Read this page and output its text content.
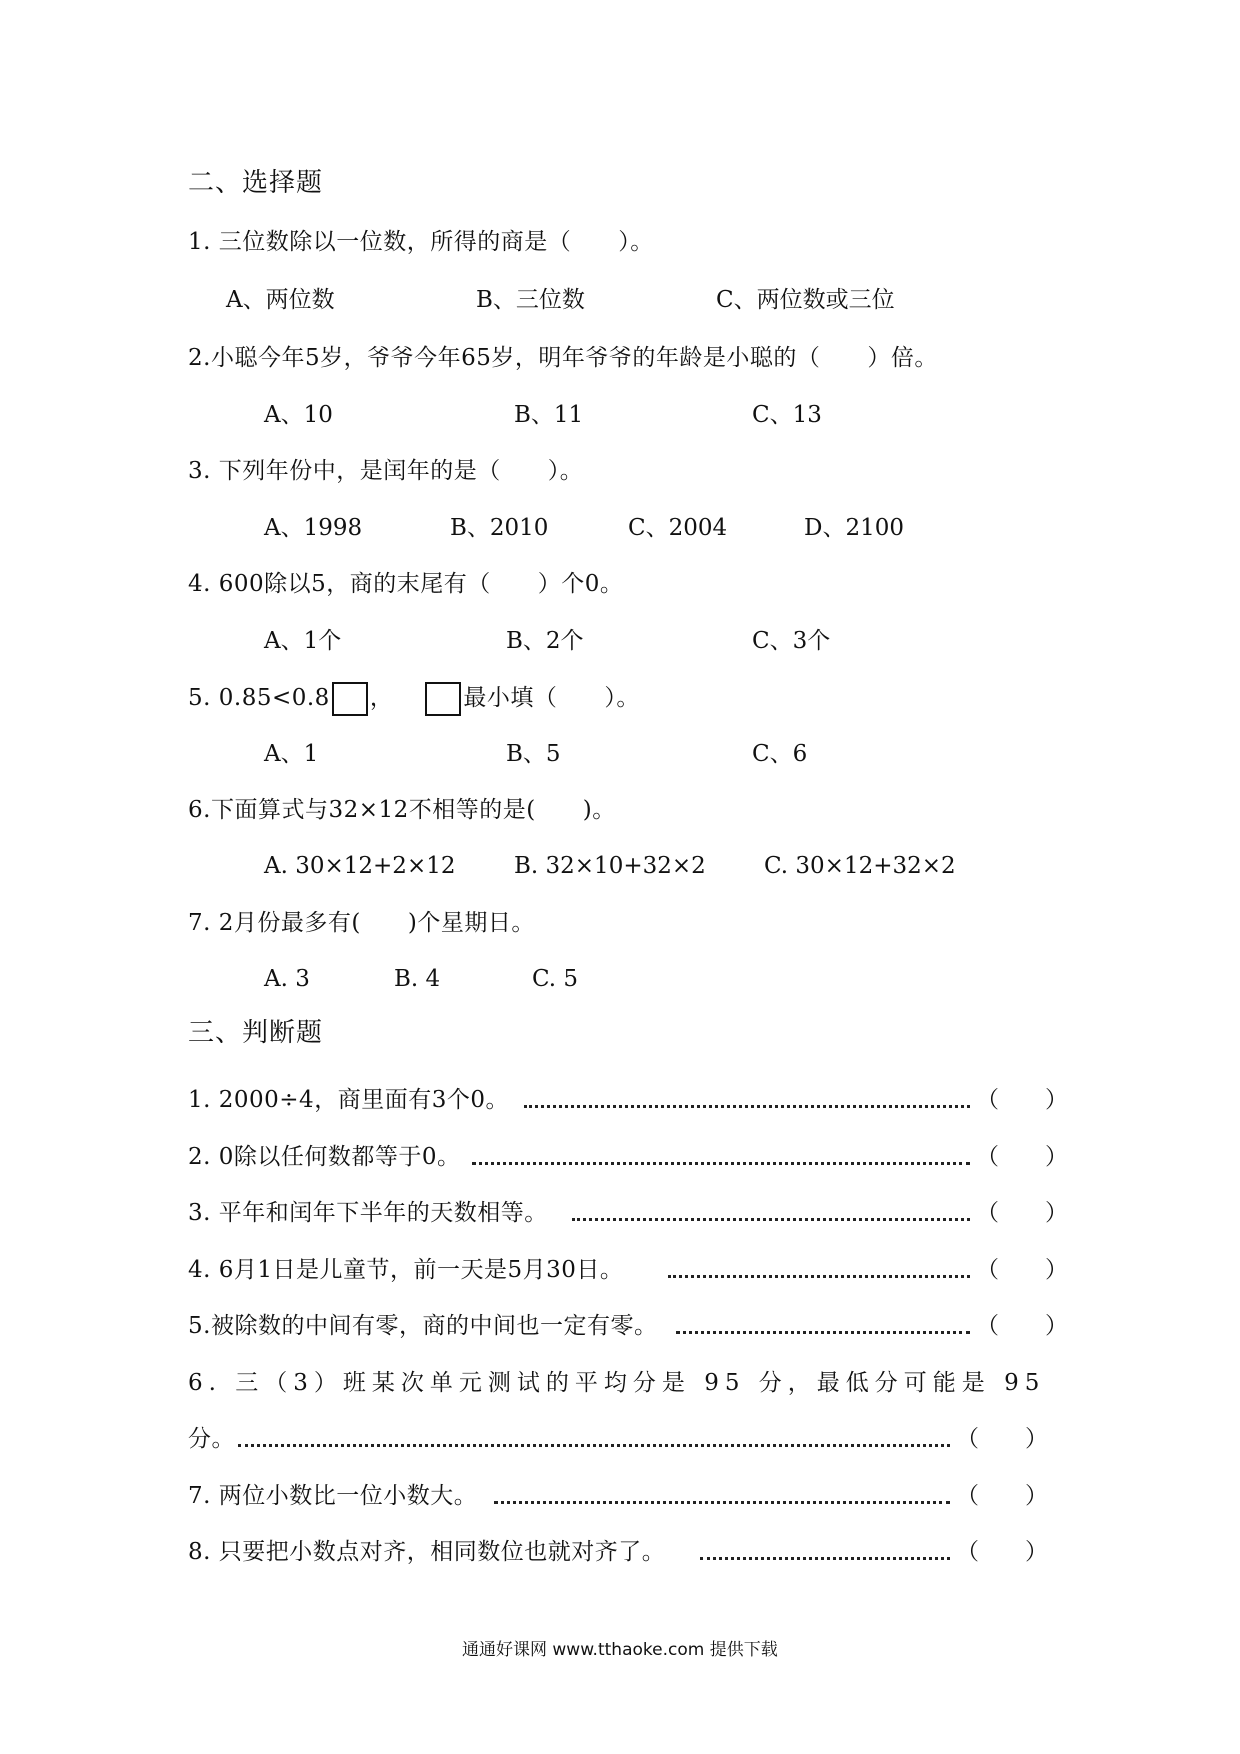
二、选择题
1. 三位数除以一位数，所得的商是（　　）。
A、两位数	B、三位数	C、两位数或三位
2.小聪今年5岁，爷爷今年65岁，明年爷爷的年龄是小聪的（　　）倍。
A、10	B、11	C、13
3. 下列年份中，是闰年的是（　　）。
A、1998	B、2010	C、2004	D、2100
4. 600除以5，商的末尾有（　　）个0。
A、1个	B、2个	C、3个
5. 0.85<0.8 ，	最小填（　　）。
A、1	B、5	C、6
6.下面算式与32×12不相等的是(　　)。
A. 30×12+2×12	B. 32×10+32×2	C. 30×12+32×2
7. 2月份最多有(　　)个星期日。
A. 3	B. 4	C. 5
三、判断题
1. 2000÷4，商里面有3个0。	（　　）
2. 0除以任何数都等于0。	（　　）
3. 平年和闰年下半年的天数相等。	（　　）
4. 6月1日是儿童节，前一天是5月30日。	（　　）
5.被除数的中间有零，商的中间也一定有零。	（　　）
6. 三（3）班某次单元测试的平均分是 95 分，最低分可能是 95
分。	（　　）
7. 两位小数比一位小数大。	（　　）
8. 只要把小数点对齐，相同数位也就对齐了。	（　　）
通通好课网 www.tthaoke.com 提供下载
